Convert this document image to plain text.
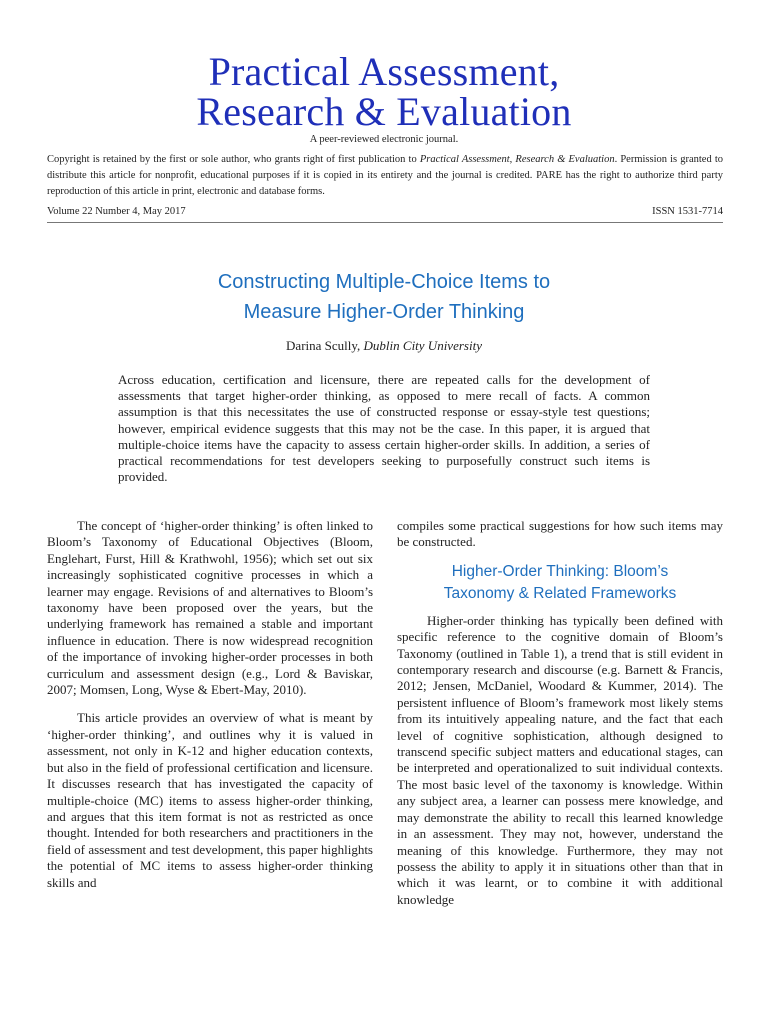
Practical Assessment,
Research & Evaluation
A peer-reviewed electronic journal.
Copyright is retained by the first or sole author, who grants right of first publication to Practical Assessment, Research & Evaluation. Permission is granted to distribute this article for nonprofit, educational purposes if it is copied in its entirety and the journal is credited. PARE has the right to authorize third party reproduction of this article in print, electronic and database forms.
Volume 22 Number 4, May 2017	ISSN 1531-7714
Constructing Multiple-Choice Items to
Measure Higher-Order Thinking
Darina Scully, Dublin City University
Across education, certification and licensure, there are repeated calls for the development of assessments that target higher-order thinking, as opposed to mere recall of facts. A common assumption is that this necessitates the use of constructed response or essay-style test questions; however, empirical evidence suggests that this may not be the case. In this paper, it is argued that multiple-choice items have the capacity to assess certain higher-order skills. In addition, a series of practical recommendations for test developers seeking to purposefully construct such items is provided.

The concept of ‘higher-order thinking’ is often linked to Bloom’s Taxonomy of Educational Objectives (Bloom, Englehart, Furst, Hill & Krathwohl, 1956); which set out six increasingly sophisticated cognitive processes in which a learner may engage. Revisions of and alternatives to Bloom’s taxonomy have been proposed over the years, but the underlying framework has remained a stable and important influence in education. There is now widespread recognition of the importance of invoking higher-order processes in both curriculum and assessment design (e.g., Lord & Baviskar, 2007; Momsen, Long, Wyse & Ebert-May, 2010).

This article provides an overview of what is meant by ‘higher-order thinking’, and outlines why it is valued in assessment, not only in K-12 and higher education contexts, but also in the field of professional certification and licensure. It discusses research that has investigated the capacity of multiple-choice (MC) items to assess higher-order thinking, and argues that this item format is not as restricted as once thought. Intended for both researchers and practitioners in the field of assessment and test development, this paper highlights the potential of MC items to assess higher-order thinking skills and

compiles some practical suggestions for how such items may be constructed.

Higher-Order Thinking: Bloom’s
Taxonomy & Related Frameworks

Higher-order thinking has typically been defined with specific reference to the cognitive domain of Bloom’s Taxonomy (outlined in Table 1), a trend that is still evident in contemporary research and discourse (e.g. Barnett & Francis, 2012; Jensen, McDaniel, Woodard & Kummer, 2014). The persistent influence of Bloom’s framework most likely stems from its intuitively appealing nature, and the fact that each level of cognitive sophistication, although designed to transcend specific subject matters and educational stages, can be interpreted and operationalized to suit individual contexts. The most basic level of the taxonomy is knowledge. Within any subject area, a learner can possess mere knowledge, and may demonstrate the ability to recall this learned knowledge in an assessment. They may not, however, understand the meaning of this knowledge. Furthermore, they may not possess the ability to apply it in situations other than that in which it was learnt, or to combine it with additional knowledge
